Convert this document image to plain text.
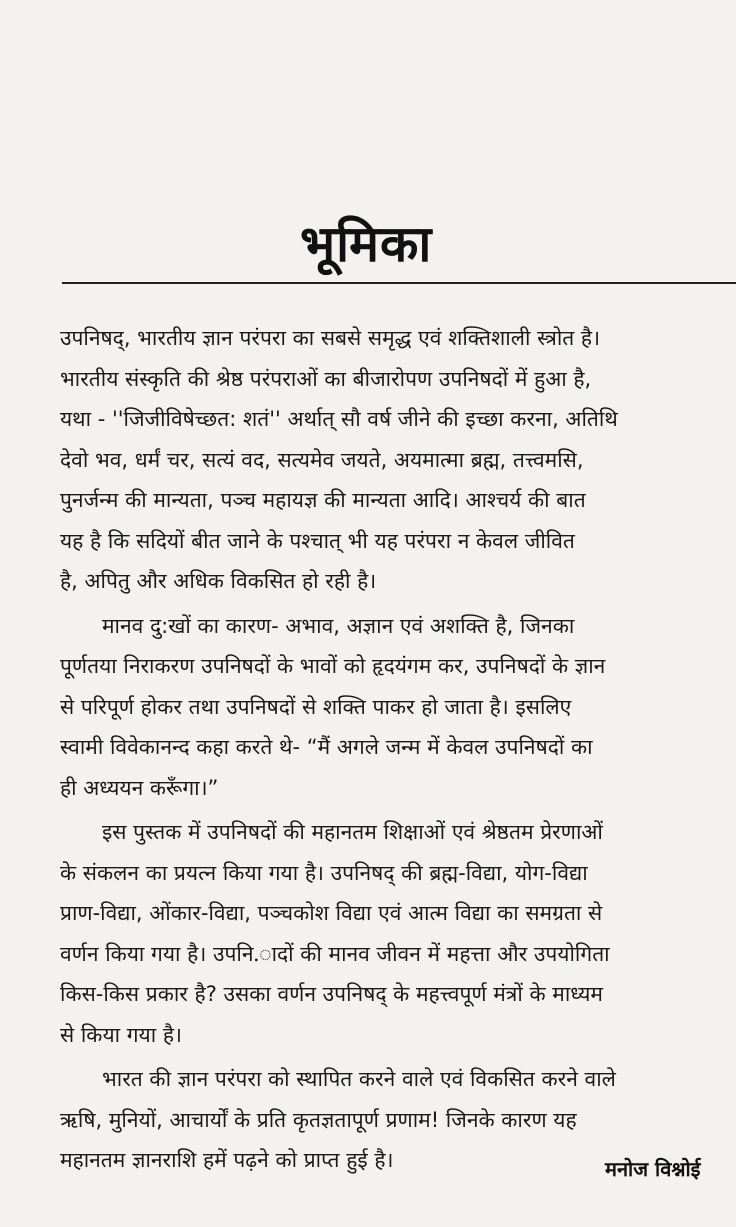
भूमिका
उपनिषद्, भारतीय ज्ञान परंपरा का सबसे समृद्ध एवं शक्तिशाली स्त्रोत है।
भारतीय संस्कृति की श्रेष्ठ परंपराओं का बीजारोपण उपनिषदों में हुआ है,
यथा - ''जिजीविषेच्छत: शतं'' अर्थात् सौ वर्ष जीने की इच्छा करना, अतिथि
देवो भव, धर्मं चर, सत्यं वद, सत्यमेव जयते, अयमात्मा ब्रह्म, तत्त्वमसि,
पुनर्जन्म की मान्यता, पञ्च महायज्ञ की मान्यता आदि। आश्चर्य की बात
यह है कि सदियों बीत जाने के पश्चात् भी यह परंपरा न केवल जीवित
है, अपितु और अधिक विकसित हो रही है।
मानव दु:खों का कारण- अभाव, अज्ञान एवं अशक्ति है, जिनका
पूर्णतया निराकरण उपनिषदों के भावों को हृदयंगम कर, उपनिषदों के ज्ञान
से परिपूर्ण होकर तथा उपनिषदों से शक्ति पाकर हो जाता है। इसलिए
स्वामी विवेकानन्द कहा करते थे- “मैं अगले जन्म में केवल उपनिषदों का
ही अध्ययन करूँगा।”
इस पुस्तक में उपनिषदों की महानतम शिक्षाओं एवं श्रेष्ठतम प्रेरणाओं
के संकलन का प्रयत्न किया गया है। उपनिषद् की ब्रह्म-विद्या, योग-विद्या
प्राण-विद्या, ओंकार-विद्या, पञ्चकोश विद्या एवं आत्म विद्या का समग्रता से
वर्णन किया गया है। उपनि.ादों की मानव जीवन में महत्ता और उपयोगिता
किस-किस प्रकार है? उसका वर्णन उपनिषद् के महत्त्वपूर्ण मंत्रों के माध्यम
से किया गया है।
भारत की ज्ञान परंपरा को स्थापित करने वाले एवं विकसित करने वाले
ऋषि, मुनियों, आचार्यों के प्रति कृतज्ञतापूर्ण प्रणाम! जिनके कारण यह
महानतम ज्ञानराशि हमें पढ़ने को प्राप्त हुई है।	मनोज विश्नोई
